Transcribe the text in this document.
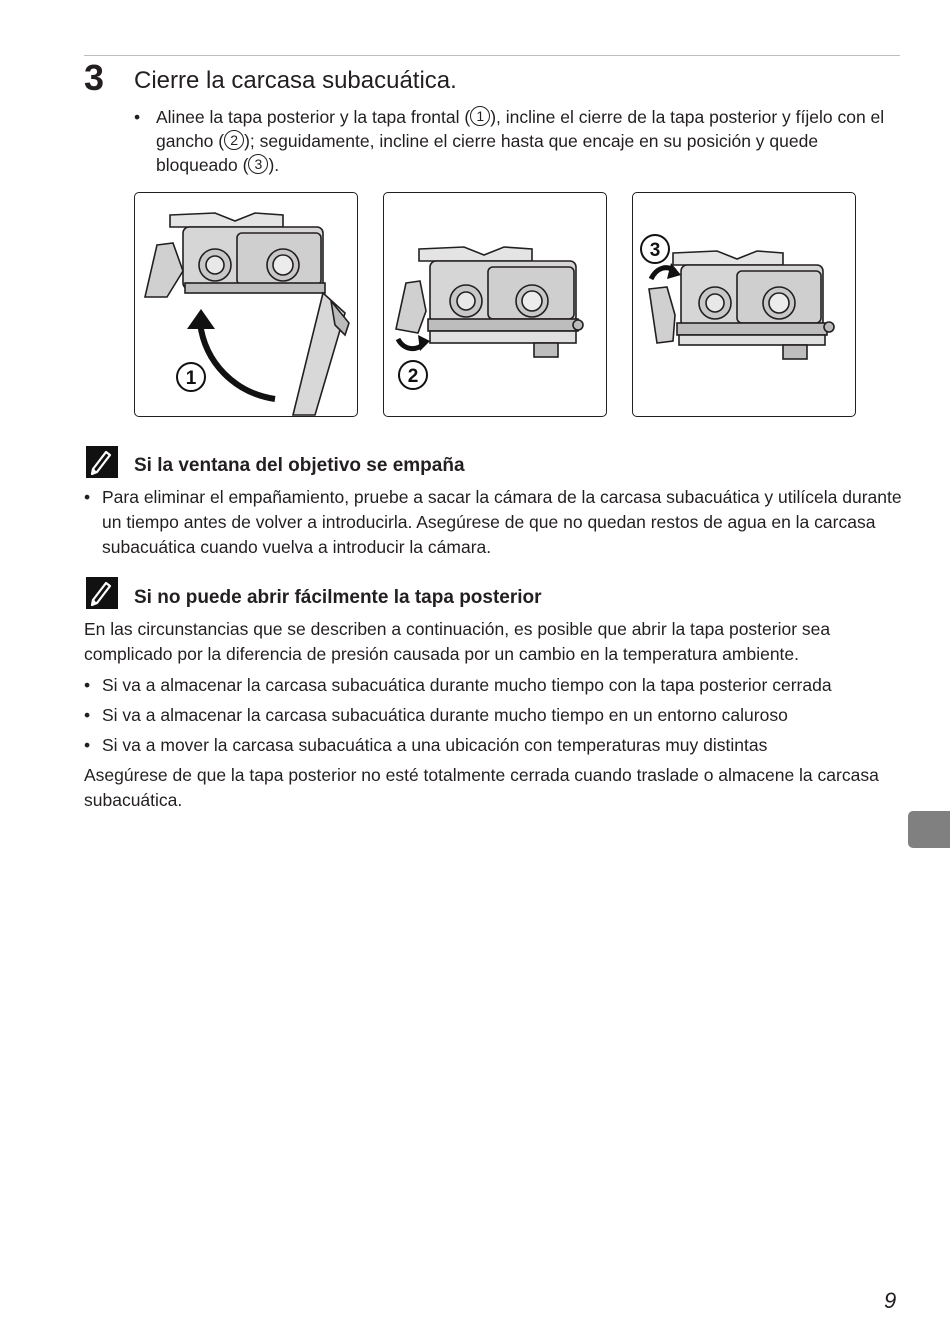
3 Cierre la carcasa subacuática.
• Alinee la tapa posterior y la tapa frontal ( 1 ), incline el cierre de la tapa posterior y fíjelo con el gancho ( 2 ); seguidamente, incline el cierre hasta que encaje en su posición y quede bloqueado ( 3 ).
1	2
3
Si la ventana del objetivo se empaña
• Para eliminar el empañamiento, pruebe a sacar la cámara de la carcasa subacuática y utilícela durante un tiempo antes de volver a introducirla. Asegúrese de que no quedan restos de agua en la carcasa subacuática cuando vuelva a introducir la cámara.
Si no puede abrir fácilmente la tapa posterior

En las circunstancias que se describen a continuación, es posible que abrir la tapa posterior sea complicado por la diferencia de presión causada por un cambio en la temperatura ambiente.

• Si va a almacenar la carcasa subacuática durante mucho tiempo con la tapa posterior cerrada
• Si va a almacenar la carcasa subacuática durante mucho tiempo en un entorno caluroso
• Si va a mover la carcasa subacuática a una ubicación con temperaturas muy distintas

Asegúrese de que la tapa posterior no esté totalmente cerrada cuando traslade o almacene la carcasa subacuática.

9
